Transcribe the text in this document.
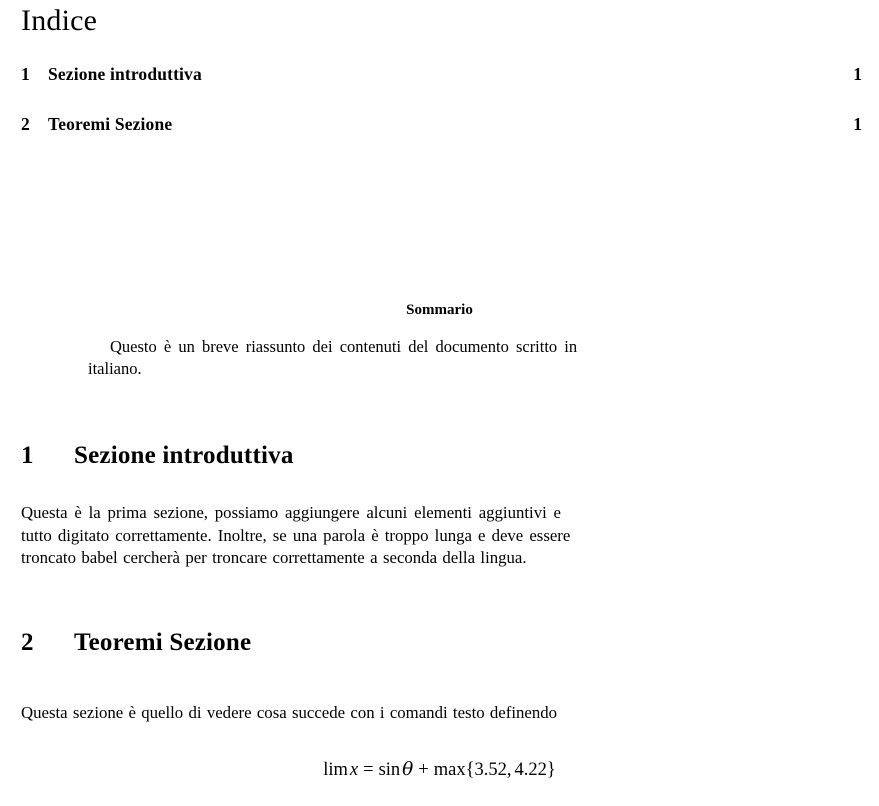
Indice
1 Sezione introduttiva	1
2 Teoremi Sezione	1
Sommario
Questo è un breve riassunto dei contenuti del documento scritto in
italiano.
1 Sezione introduttiva
Questa è la prima sezione, possiamo aggiungere alcuni elementi aggiuntivi e
tutto digitato correttamente. Inoltre, se una parola è troppo lunga e deve essere
troncato babel cercherà per troncare correttamente a seconda della lingua.
2 Teoremi Sezione
Questa sezione è quello di vedere cosa succede con i comandi testo definendo
lim x = sin θ + max{3.52, 4.22}
